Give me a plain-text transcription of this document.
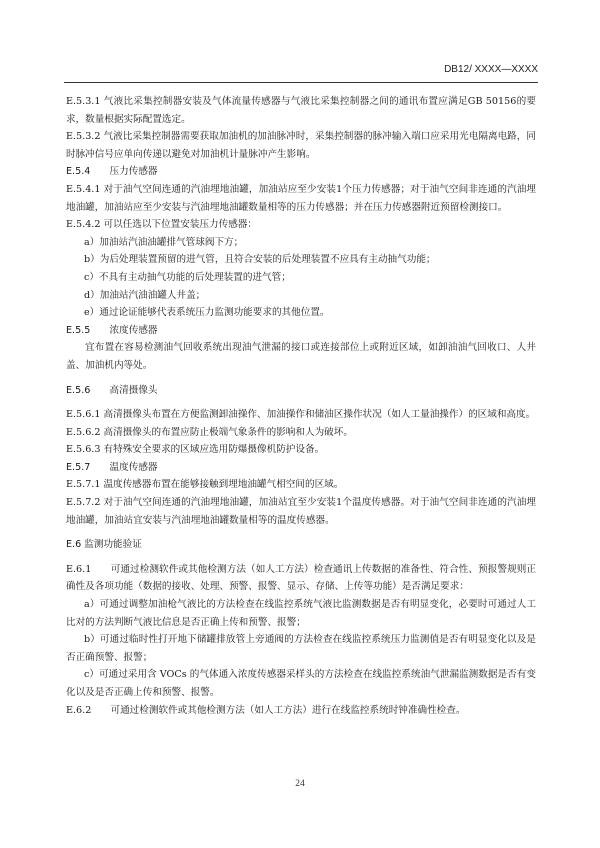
DB12/ XXXX—XXXX

E.5.3.1 气液比采集控制器安装及气体流量传感器与气液比采集控制器之间的通讯布置应满足GB 50156的要求，数量根据实际配置选定。

E.5.3.2 气液比采集控制器需要获取加油机的加油脉冲时，采集控制器的脉冲输入端口应采用光电隔离电路，同时脉冲信号应单向传递以避免对加油机计量脉冲产生影响。

E.5.4　　压力传感器

E.5.4.1 对于油气空间连通的汽油埋地油罐，加油站应至少安装1个压力传感器；对于油气空间非连通的汽油埋地油罐，加油站应至少安装与汽油埋地油罐数量相等的压力传感器；并在压力传感器附近预留检测接口。

E.5.4.2 可以任选以下位置安装压力传感器：

a）加油站汽油油罐排气管球阀下方；

b）为后处理装置预留的进气管，且符合安装的后处理装置不应具有主动抽气功能；

c）不具有主动抽气功能的后处理装置的进气管；

d）加油站汽油油罐人井盖；

e）通过论证能够代表系统压力监测功能要求的其他位置。

E.5.5　　浓度传感器

宜布置在容易检测油气回收系统出现油气泄漏的接口或连接部位上或附近区域，如卸油油气回收口、人井盖、加油机内等处。

E.5.6　　高清摄像头

E.5.6.1 高清摄像头布置在方便监测卸油操作、加油操作和储油区操作状况（如人工量油操作）的区域和高度。

E.5.6.2 高清摄像头的布置应防止极端气象条件的影响和人为破坏。

E.5.6.3 有特殊安全要求的区域应选用防爆摄像机防护设备。

E.5.7　　温度传感器

E.5.7.1 温度传感器布置在能够接触到埋地油罐气相空间的区域。

E.5.7.2 对于油气空间连通的汽油埋地油罐，加油站宜至少安装1个温度传感器。对于油气空间非连通的汽油埋地油罐，加油站宜安装与汽油埋地油罐数量相等的温度传感器。

E.6 监测功能验证

E.6.1　　可通过检测软件或其他检测方法（如人工方法）检查通讯上传数据的准备性、符合性、预报警规则正确性及各项功能（数据的接收、处理、预警、报警、显示、存储、上传等功能）是否满足要求：

a）可通过调整加油枪气液比的方法检查在线监控系统气液比监测数据是否有明显变化，必要时可通过人工比对的方法判断气液比信息是否正确上传和预警、报警；

b）可通过临时性打开地下储罐排放管上旁通阀的方法检查在线监控系统压力监测值是否有明显变化以及是否正确预警、报警；

c）可通过采用含 VOCs 的气体通入浓度传感器采样头的方法检查在线监控系统油气泄漏监测数据是否有变化以及是否正确上传和预警、报警。

E.6.2　　可通过检测软件或其他检测方法（如人工方法）进行在线监控系统时钟准确性检查。

24
